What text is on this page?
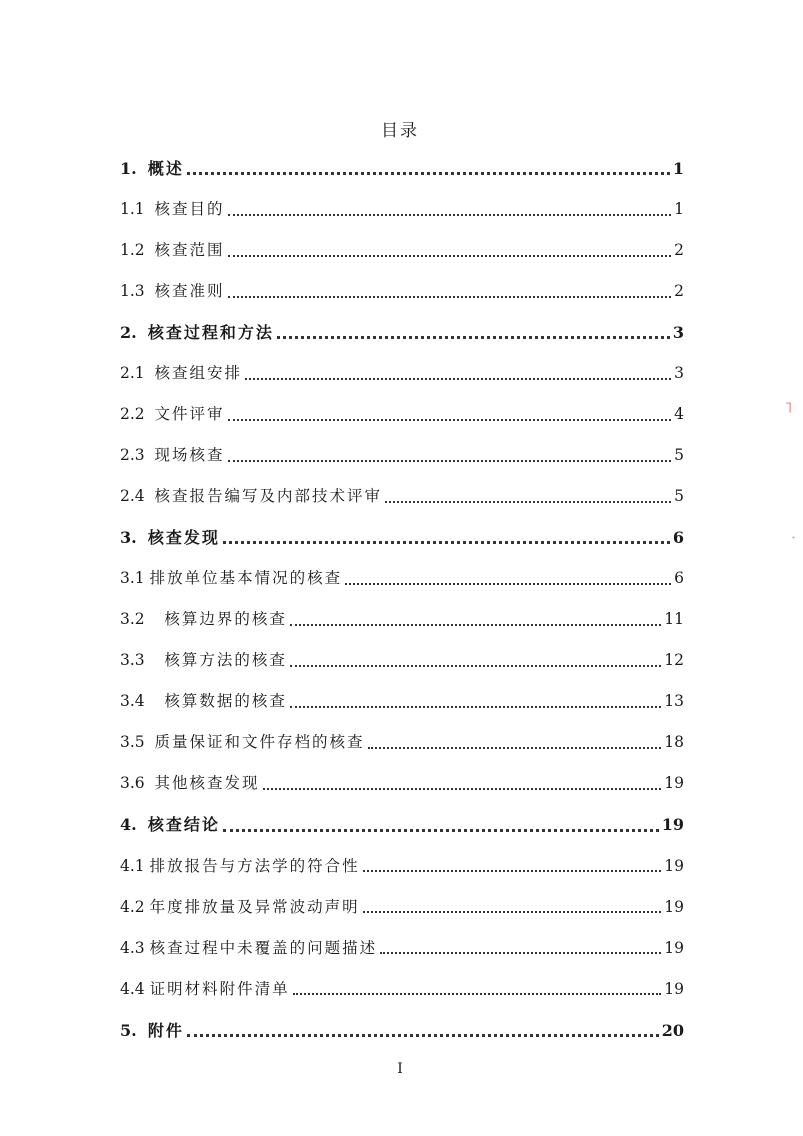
目录
1. 概述	1
1.1 核查目的	1
1.2 核查范围	2
1.3 核查准则	2
2. 核查过程和方法	3
2.1 核查组安排	3
2.2 文件评审	4
2.3 现场核查	5
2.4 核查报告编写及内部技术评审	5
3. 核查发现	6
3.1 排放单位基本情况的核查	6
3.2 核算边界的核查	11
3.3 核算方法的核查	12
3.4 核算数据的核查	13
3.5 质量保证和文件存档的核查	18
3.6 其他核查发现	19
4. 核查结论	19
4.1 排放报告与方法学的符合性	19
4.2 年度排放量及异常波动声明	19
4.3 核查过程中未覆盖的问题描述	19
4.4 证明材料附件清单	19
5. 附件	20
I
⌐
·
